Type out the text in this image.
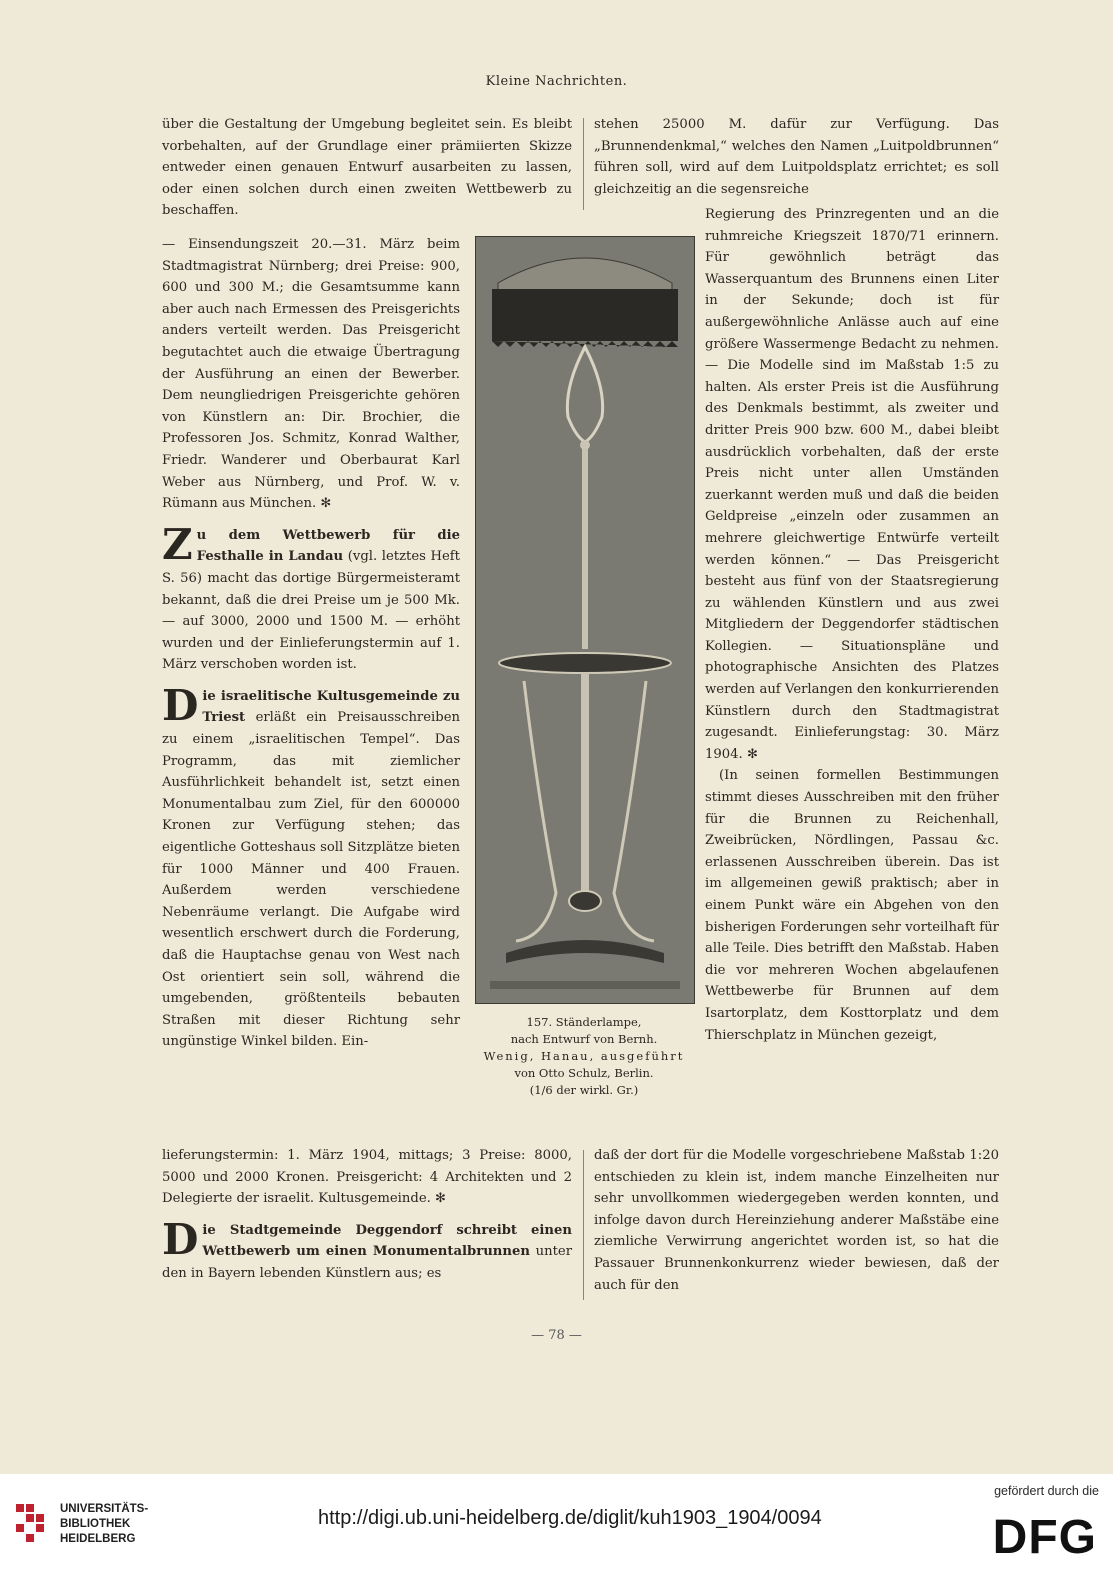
Kleine Nachrichten.

über die Gestaltung der Umgebung begleitet sein. Es bleibt vorbehalten, auf der Grundlage einer prämiierten Skizze entweder einen genauen Entwurf ausarbeiten zu lassen, oder einen solchen durch einen zweiten Wettbewerb zu beschaffen.

stehen 25000 M. dafür zur Verfügung. Das „Brunnendenkmal,“ welches den Namen „Luitpoldbrunnen“ führen soll, wird auf dem Luitpoldsplatz errichtet; es soll gleichzeitig an die segensreiche

— Einsendungszeit 20.—31. März beim Stadtmagistrat Nürnberg; drei Preise: 900, 600 und 300 M.; die Gesamtsumme kann aber auch nach Ermessen des Preisgerichts anders verteilt werden. Das Preisgericht begutachtet auch die etwaige Übertragung der Ausführung an einen der Bewerber. Dem neungliedrigen Preisgerichte gehören von Künstlern an: Dir. Brochier, die Professoren Jos. Schmitz, Konrad Walther, Friedr. Wanderer und Oberbaurat Karl Weber aus Nürnberg, und Prof. W. v. Rümann aus München. ✻

Z u dem Wettbewerb für die Festhalle in Landau (vgl. letztes Heft S. 56) macht das dortige Bürgermeisteramt bekannt, daß die drei Preise um je 500 Mk. — auf 3000, 2000 und 1500 M. — erhöht wurden und der Einlieferungstermin auf 1. März verschoben worden ist.
D ie israelitische Kultusgemeinde zu Triest erläßt ein Preisausschreiben zu einem „israelitischen Tempel“. Das Programm, das mit ziemlicher Ausführlichkeit behandelt ist, setzt einen Monumentalbau zum Ziel, für den 600000 Kronen zur Verfügung stehen; das eigentliche Gotteshaus soll Sitzplätze bieten für 1000 Männer und 400 Frauen. Außerdem werden verschiedene Nebenräume verlangt. Die Aufgabe wird wesentlich erschwert durch die Forderung, daß die Hauptachse genau von West nach Ost orientiert sein soll, während die umgebenden, größtenteils bebauten Straßen mit dieser Richtung sehr ungünstige Winkel bilden. Ein-
157. Ständerlampe,
nach Entwurf von Bernh.
Wenig, Hanau, ausgeführt
von Otto Schulz, Berlin.
(1/6 der wirkl. Gr.)

Regierung des Prinzregenten und an die ruhmreiche Kriegszeit 1870/71 erinnern. Für gewöhnlich beträgt das Wasserquantum des Brunnens einen Liter in der Sekunde; doch ist für außergewöhnliche Anlässe auch auf eine größere Wassermenge Bedacht zu nehmen. — Die Modelle sind im Maßstab 1:5 zu halten. Als erster Preis ist die Ausführung des Denkmals bestimmt, als zweiter und dritter Preis 900 bzw. 600 M., dabei bleibt ausdrücklich vorbehalten, daß der erste Preis nicht unter allen Umständen zuerkannt werden muß und daß die beiden Geldpreise „einzeln oder zusammen an mehrere gleichwertige Entwürfe verteilt werden können.“ — Das Preisgericht besteht aus fünf von der Staatsregierung zu wählenden Künstlern und aus zwei Mitgliedern der Deggendorfer städtischen Kollegien. — Situationspläne und photographische Ansichten des Platzes werden auf Verlangen den konkurrierenden Künstlern durch den Stadtmagistrat zugesandt. Einlieferungstag: 30. März 1904. ✻

(In seinen formellen Bestimmungen stimmt dieses Ausschreiben mit den früher für die Brunnen zu Reichenhall, Zweibrücken, Nördlingen, Passau &c. erlassenen Ausschreiben überein. Das ist im allgemeinen gewiß praktisch; aber in einem Punkt wäre ein Abgehen von den bisherigen Forderungen sehr vorteilhaft für alle Teile. Dies betrifft den Maßstab. Haben die vor mehreren Wochen abgelaufenen Wettbewerbe für Brunnen auf dem Isartorplatz, dem Kosttorplatz und dem Thierschplatz in München gezeigt,

lieferungstermin: 1. März 1904, mittags; 3 Preise: 8000, 5000 und 2000 Kronen. Preisgericht: 4 Architekten und 2 Delegierte der israelit. Kultusgemeinde. ✻

D ie Stadtgemeinde Deggendorf schreibt einen Wettbewerb um einen Monumentalbrunnen unter den in Bayern lebenden Künstlern aus; es

daß der dort für die Modelle vorgeschriebene Maßstab 1:20 entschieden zu klein ist, indem manche Einzelheiten nur sehr unvollkommen wiedergegeben werden konnten, und infolge davon durch Hereinziehung anderer Maßstäbe eine ziemliche Verwirrung angerichtet worden ist, so hat die Passauer Brunnenkonkurrenz wieder bewiesen, daß der auch für den

— 78 —
UNIVERSITÄTS-
BIBLIOTHEK
HEIDELBERG
http://digi.ub.uni-heidelberg.de/diglit/kuh1903_1904/0094
gefördert durch die
DFG
